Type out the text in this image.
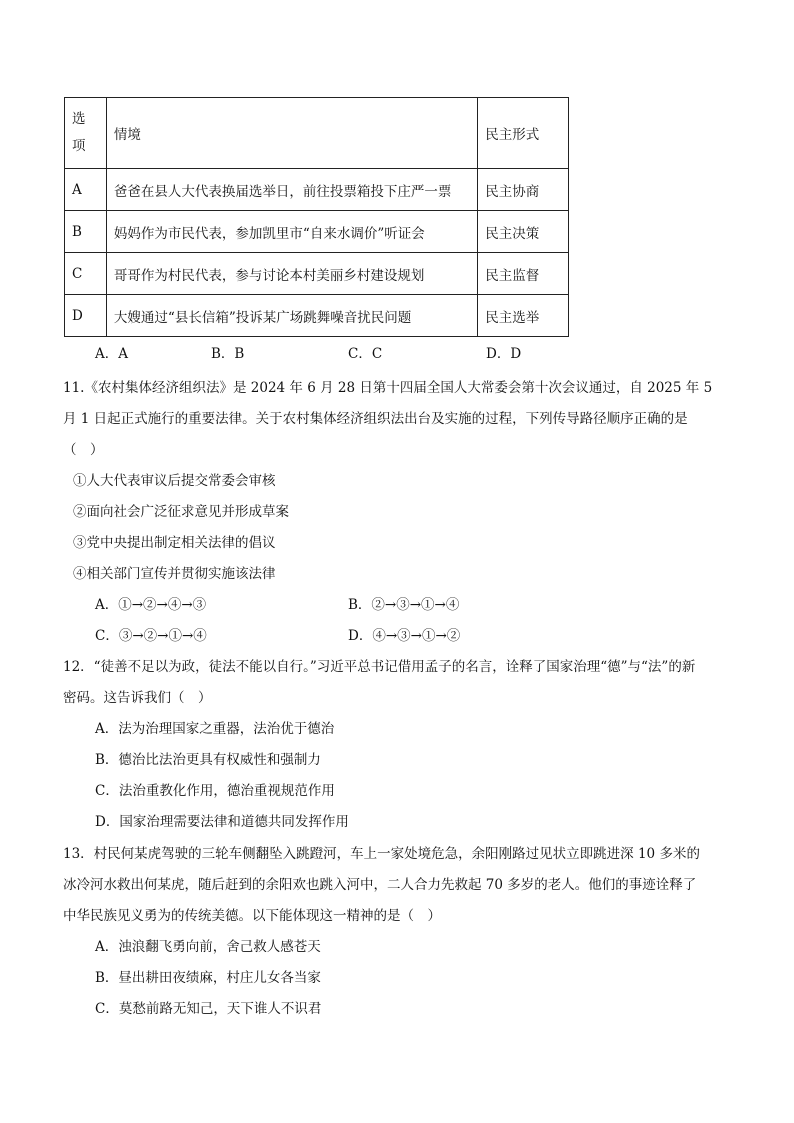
选
项	情境	民主形式
A	爸爸在县人大代表换届选举日，前往投票箱投下庄严一票	民主协商
B	妈妈作为市民代表，参加凯里市“自来水调价”听证会	民主决策
C	哥哥作为村民代表，参与讨论本村美丽乡村建设规划	民主监督
D	大嫂通过“县长信箱”投诉某广场跳舞噪音扰民问题	民主选举
A．A	B．B	C．C	D．D
11.《农村集体经济组织法》是 2024 年 6 月 28 日第十四届全国人大常委会第十次会议通过，自 2025 年 5
月 1 日起正式施行的重要法律。关于农村集体经济组织法出台及实施的过程，下列传导路径顺序正确的是
（　）
①人大代表审议后提交常委会审核
②面向社会广泛征求意见并形成草案
③党中央提出制定相关法律的倡议
④相关部门宣传并贯彻实施该法律
A．①→②→④→③	B．②→③→①→④
C．③→②→①→④	D．④→③→①→②
12．“徒善不足以为政，徒法不能以自行。”习近平总书记借用孟子的名言，诠释了国家治理“德”与“法”的新
密码。这告诉我们（　）
A．法为治理国家之重器，法治优于德治
B．德治比法治更具有权威性和强制力
C．法治重教化作用，德治重视规范作用
D．国家治理需要法律和道德共同发挥作用
13．村民何某虎驾驶的三轮车侧翻坠入跳蹬河，车上一家处境危急，余阳刚路过见状立即跳进深 10 多米的
冰冷河水救出何某虎，随后赶到的余阳欢也跳入河中，二人合力先救起 70 多岁的老人。他们的事迹诠释了
中华民族见义勇为的传统美德。以下能体现这一精神的是（　）
A．浊浪翻飞勇向前，舍己救人感苍天
B．昼出耕田夜绩麻，村庄儿女各当家
C．莫愁前路无知己，天下谁人不识君
